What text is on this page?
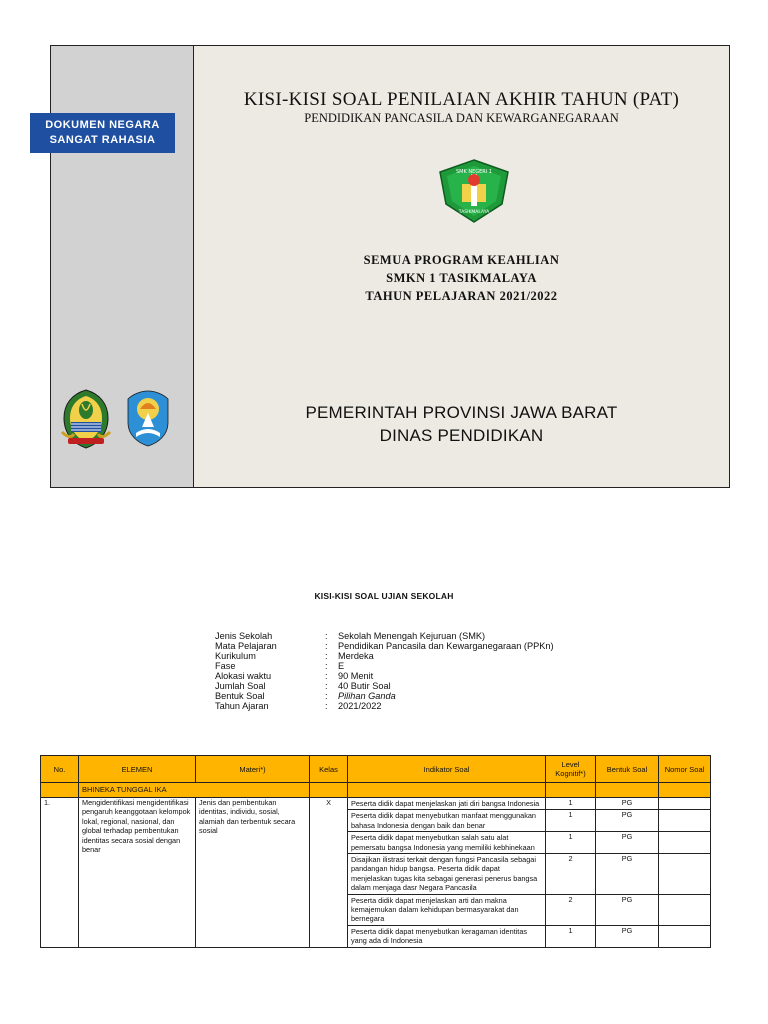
KISI-KISI SOAL PENILAIAN AKHIR TAHUN (PAT)
PENDIDIKAN PANCASILA DAN KEWARGANEGARAAN
SMK NEGERI 1
TASIKMALAYA
SEMUA PROGRAM KEAHLIAN
SMKN 1 TASIKMALAYA
TAHUN PELAJARAN 2021/2022
PEMERINTAH PROVINSI JAWA BARAT
DINAS PENDIDIKAN
DOKUMEN NEGARA
SANGAT RAHASIA
KISI-KISI SOAL UJIAN SEKOLAH
Jenis Sekolah	:	Sekolah Menengah Kejuruan (SMK)
Mata Pelajaran	:	Pendidikan Pancasila dan Kewarganegaraan (PPKn)
Kurikulum	:	Merdeka
Fase	:	E
Alokasi waktu	:	90 Menit
Jumlah Soal	:	40 Butir Soal
Bentuk Soal	:	Pilihan Ganda
Tahun Ajaran	:	2021/2022
No.	ELEMEN	Materi*)	Kelas	Indikator Soal	Level Kognitif*)	Bentuk Soal	Nomor Soal
	BHINEKA TUNGGAL IKA						
1.	Mengidentifikasi mengidentifikasi pengaruh keanggotaan kelompok lokal, regional, nasional, dan global terhadap pembentukan identitas secara sosial dengan benar	Jenis dan pembentukan identitas, individu, sosial, alamiah dan terbentuk secara sosial	X	Peserta didik dapat menjelaskan jati diri bangsa Indonesia	1	PG	
				Peserta didik dapat menyebutkan manfaat menggunakan bahasa Indonesia dengan baik dan benar	1	PG	
				Peserta didik dapat menyebutkan salah satu alat pemersatu bangsa Indonesia yang memiliki kebhinekaan	1	PG	
				Disajikan ilistrasi terkait dengan fungsi Pancasila sebagai pandangan hidup bangsa. Peserta didik dapat menjelaskan tugas kita sebagai generasi penerus bangsa dalam menjaga dasr Negara Pancasila	2	PG	
				Peserta didik dapat menjelaskan arti dan makna kemajemukan dalam kehidupan bermasyarakat dan bernegara	2	PG	
				Peserta didik dapat menyebutkan keragaman identitas yang ada di Indonesia	1	PG	
